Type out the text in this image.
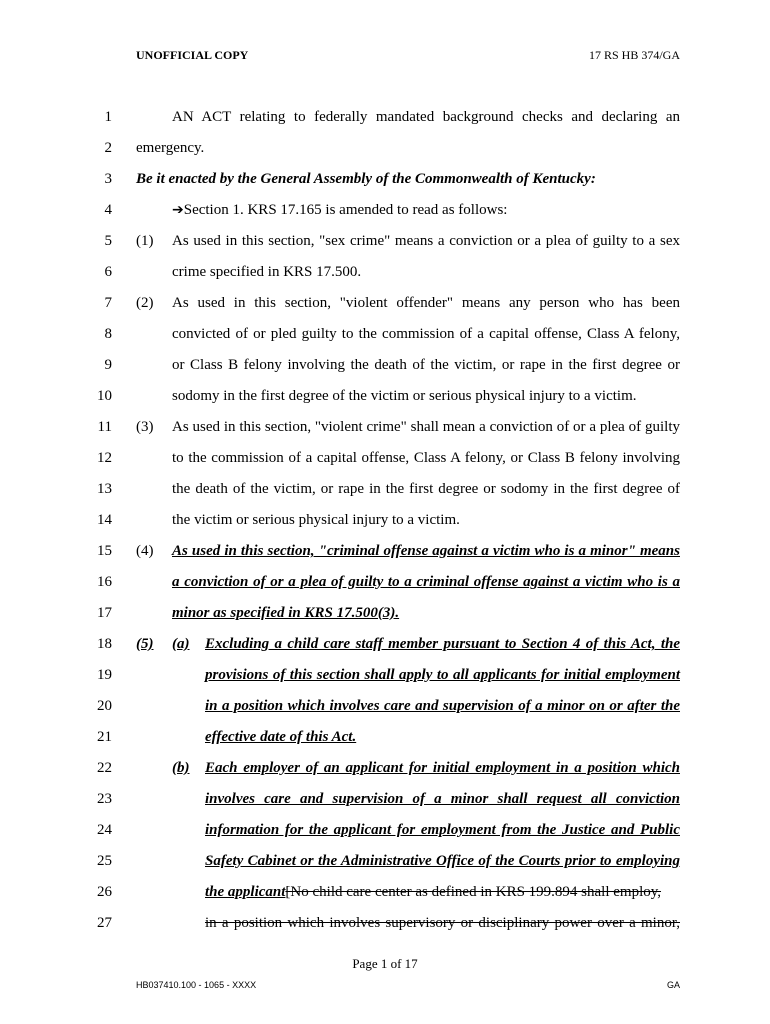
UNOFFICIAL COPY	17 RS HB 374/GA
1	AN ACT relating to federally mandated background checks and declaring an
2 emergency.
3 Be it enacted by the General Assembly of the Commonwealth of Kentucky:
4	➔Section 1. KRS 17.165 is amended to read as follows:
5 (1) As used in this section, "sex crime" means a conviction or a plea of guilty to a sex
6	crime specified in KRS 17.500.
7 (2) As used in this section, "violent offender" means any person who has been
8	convicted of or pled guilty to the commission of a capital offense, Class A felony,
9	or Class B felony involving the death of the victim, or rape in the first degree or
10	sodomy in the first degree of the victim or serious physical injury to a victim.
11 (3) As used in this section, "violent crime" shall mean a conviction of or a plea of guilty
12	to the commission of a capital offense, Class A felony, or Class B felony involving
13	the death of the victim, or rape in the first degree or sodomy in the first degree of
14	the victim or serious physical injury to a victim.
15 (4) As used in this section, "criminal offense against a victim who is a minor" means
16	a conviction of or a plea of guilty to a criminal offense against a victim who is a
17	minor as specified in KRS 17.500(3).
18 (5) (a) Excluding a child care staff member pursuant to Section 4 of this Act, the
19	provisions of this section shall apply to all applicants for initial employment
20	in a position which involves care and supervision of a minor on or after the
21	effective date of this Act.
22	(b) Each employer of an applicant for initial employment in a position which
23	involves care and supervision of a minor shall request all conviction
24	information for the applicant for employment from the Justice and Public
25	Safety Cabinet or the Administrative Office of the Courts prior to employing
26	the applicant[No child care center as defined in KRS 199.894 shall employ,
27	in a position which involves supervisory or disciplinary power over a minor,
Page 1 of 17
HB037410.100 - 1065 - XXXX	GA
